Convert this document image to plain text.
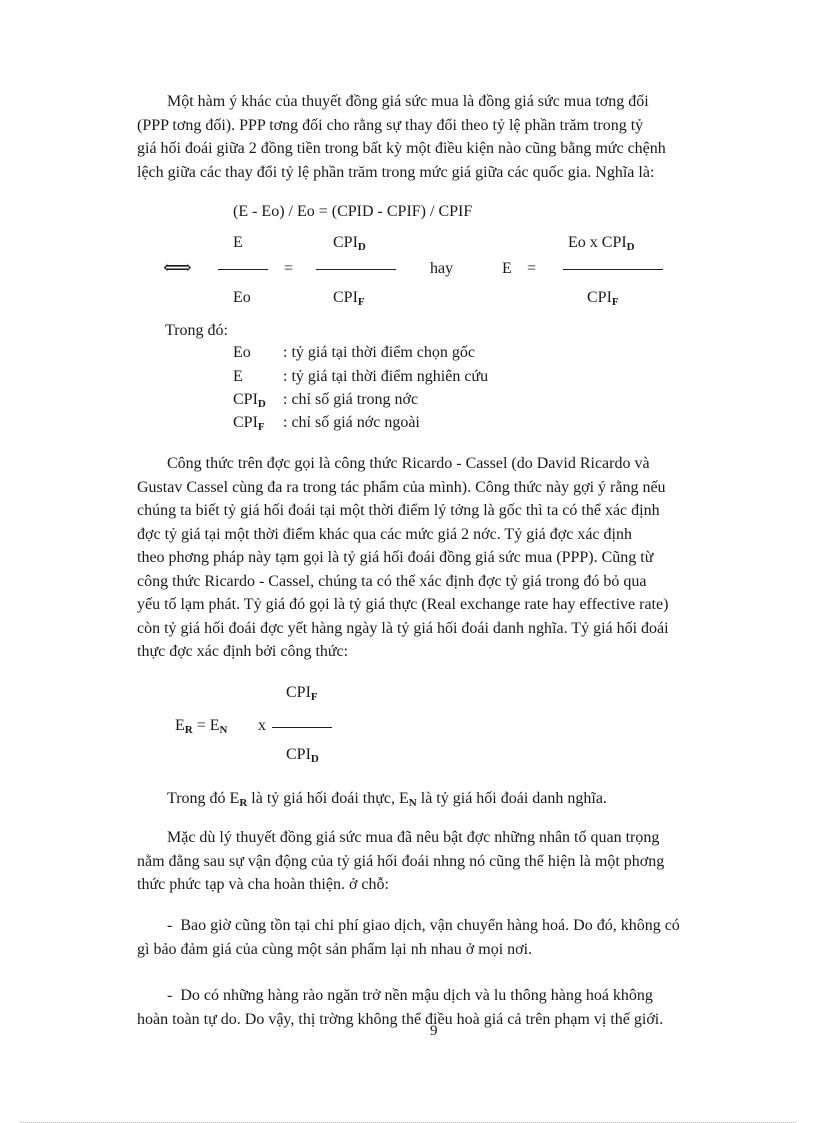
Một hàm ý khác của thuyết đồng giá sức mua là đồng giá sức mua tơng đối
(PPP tơng đối). PPP tơng đối cho rằng sự thay đổi theo tỷ lệ phần trăm trong tỷ
giá hối đoái giữa 2 đồng tiền trong bất kỳ một điều kiện nào cũng bằng mức chệnh
lệch giữa các thay đổi tỷ lệ phần trăm trong mức giá giữa các quốc gia. Nghĩa là:
(E - Eo) / Eo = (CPID - CPIF) / CPIF
E	$CPI_D$	Eo x $CPI_D$
⟺	=	hay	E =
Eo	$CPI_F$	$CPI_F$
Trong đó:
Eo : tỷ giá tại thời điểm chọn gốc
E	: tỷ giá tại thời điểm nghiên cứu
$CPI_D$ : chỉ số giá trong nớc
$CPI_F$ : chỉ số giá nớc ngoài
Công thức trên đợc gọi là công thức Ricardo - Cassel (do David Ricardo và
Gustav Cassel cùng đa ra trong tác phẩm của mình). Công thức này gợi ý rằng nếu
chúng ta biết tỷ giá hối đoái tại một thời điểm lý tởng là gốc thì ta có thể xác định
đợc tỷ giá tại một thời điểm khác qua các mức giá 2 nớc. Tỷ giá đợc xác định
theo phơng pháp này tạm gọi là tỷ giá hối đoái đồng giá sức mua (PPP). Cũng từ
công thức Ricardo - Cassel, chúng ta có thể xác định đợc tỷ giá trong đó bỏ qua
yếu tố lạm phát. Tỷ giá đó gọi là tỷ giá thực (Real exchange rate hay effective rate)
còn tỷ giá hối đoái đợc yết hàng ngày là tỷ giá hối đoái danh nghĩa. Tỷ giá hối đoái
thực đợc xác định bởi công thức:
$CPI_F$
$E_R = E_N$ x
$CPI_D$
Trong đó $E_R$ là tỷ giá hối đoái thực, $E_N$ là tỷ giá hối đoái danh nghĩa.
Mặc dù lý thuyết đồng giá sức mua đã nêu bật đợc những nhân tố quan trọng
nằm đằng sau sự vận động của tỷ giá hối đoái nhng nó cũng thể hiện là một phơng
thức phức tạp và cha hoàn thiện. ở chỗ:
- Bao giờ cũng tồn tại chi phí giao dịch, vận chuyển hàng hoá. Do đó, không có
gì bảo đảm giá của cùng một sản phẩm lại nh nhau ở mọi nơi.
- Do có những hàng rào ngăn trở nền mậu dịch và lu thông hàng hoá không
hoàn toàn tự do. Do vậy, thị trờng không thể điều hoà giá cả trên phạm vị thế giới.
9
